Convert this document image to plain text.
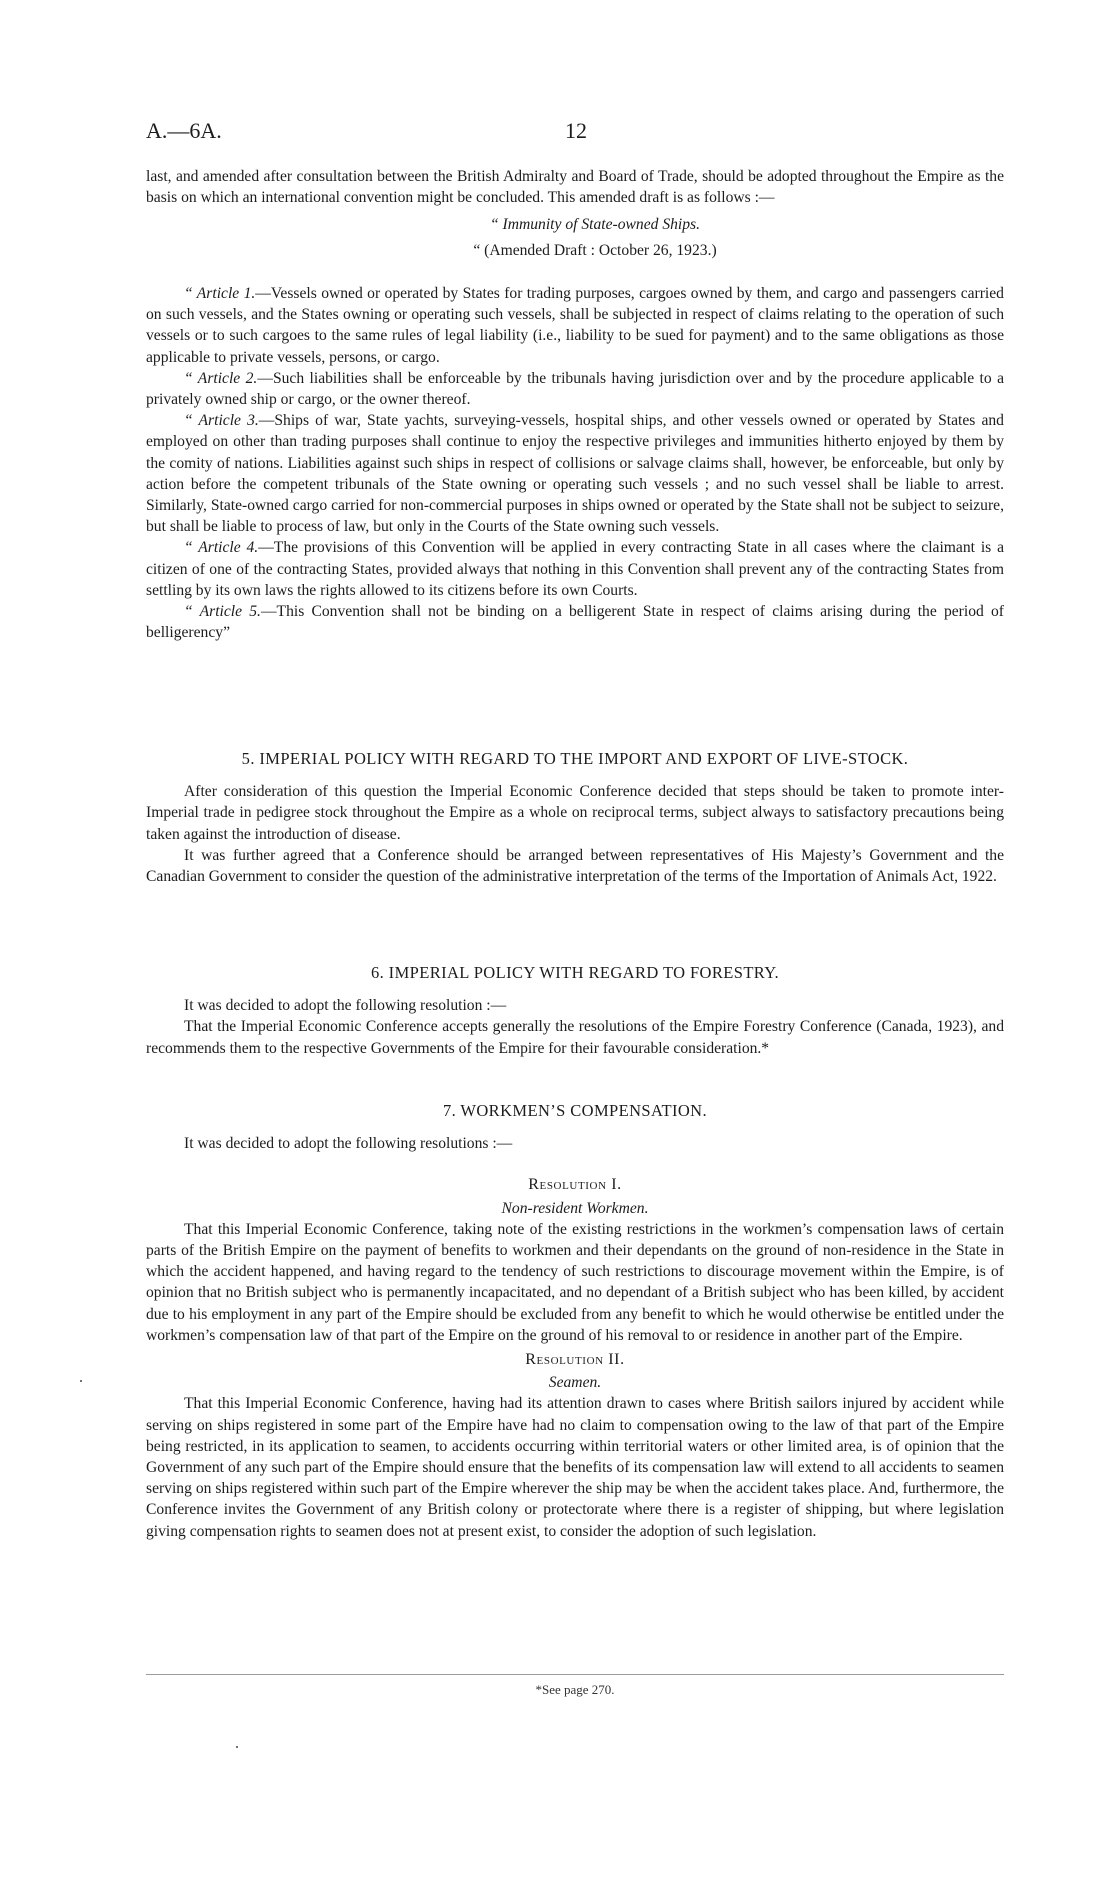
A.—6A.	12

last, and amended after consultation between the British Admiralty and Board of Trade, should be adopted throughout the Empire as the basis on which an international convention might be concluded. This amended draft is as follows :—

“ Immunity of State-owned Ships.

“ (Amended Draft : October 26, 1923.)

“ Article 1.—Vessels owned or operated by States for trading purposes, cargoes owned by them, and cargo and passengers carried on such vessels, and the States owning or operating such vessels, shall be subjected in respect of claims relating to the operation of such vessels or to such cargoes to the same rules of legal liability (i.e., liability to be sued for payment) and to the same obligations as those applicable to private vessels, persons, or cargo.

“ Article 2.—Such liabilities shall be enforceable by the tribunals having jurisdiction over and by the procedure applicable to a privately owned ship or cargo, or the owner thereof.

“ Article 3.—Ships of war, State yachts, surveying-vessels, hospital ships, and other vessels owned or operated by States and employed on other than trading purposes shall continue to enjoy the respective privileges and immunities hitherto enjoyed by them by the comity of nations. Liabilities against such ships in respect of collisions or salvage claims shall, however, be enforceable, but only by action before the competent tribunals of the State owning or operating such vessels ; and no such vessel shall be liable to arrest. Similarly, State-owned cargo carried for non-commercial purposes in ships owned or operated by the State shall not be subject to seizure, but shall be liable to process of law, but only in the Courts of the State owning such vessels.

“ Article 4.—The provisions of this Convention will be applied in every contracting State in all cases where the claimant is a citizen of one of the contracting States, provided always that nothing in this Convention shall prevent any of the contracting States from settling by its own laws the rights allowed to its citizens before its own Courts.

“ Article 5.—This Convention shall not be binding on a belligerent State in respect of claims arising during the period of belligerency”

5. IMPERIAL POLICY WITH REGARD TO THE IMPORT AND EXPORT OF LIVE-STOCK.

After consideration of this question the Imperial Economic Conference decided that steps should be taken to promote inter-Imperial trade in pedigree stock throughout the Empire as a whole on reciprocal terms, subject always to satisfactory precautions being taken against the introduction of disease.

It was further agreed that a Conference should be arranged between representatives of His Majesty’s Government and the Canadian Government to consider the question of the administrative interpretation of the terms of the Importation of Animals Act, 1922.

6. IMPERIAL POLICY WITH REGARD TO FORESTRY.

It was decided to adopt the following resolution :—

That the Imperial Economic Conference accepts generally the resolutions of the Empire Forestry Conference (Canada, 1923), and recommends them to the respective Governments of the Empire for their favourable consideration.*

7. WORKMEN’S COMPENSATION.

It was decided to adopt the following resolutions :—

Resolution I.

Non-resident Workmen.

That this Imperial Economic Conference, taking note of the existing restrictions in the workmen’s compensation laws of certain parts of the British Empire on the payment of benefits to workmen and their dependants on the ground of non-residence in the State in which the accident happened, and having regard to the tendency of such restrictions to discourage movement within the Empire, is of opinion that no British subject who is permanently incapacitated, and no dependant of a British subject who has been killed, by accident due to his employment in any part of the Empire should be excluded from any benefit to which he would otherwise be entitled under the workmen’s compensation law of that part of the Empire on the ground of his removal to or residence in another part of the Empire.

Resolution II.

Seamen.

That this Imperial Economic Conference, having had its attention drawn to cases where British sailors injured by accident while serving on ships registered in some part of the Empire have had no claim to compensation owing to the law of that part of the Empire being restricted, in its application to seamen, to accidents occurring within territorial waters or other limited area, is of opinion that the Government of any such part of the Empire should ensure that the benefits of its compensation law will extend to all accidents to seamen serving on ships registered within such part of the Empire wherever the ship may be when the accident takes place. And, furthermore, the Conference invites the Government of any British colony or protectorate where there is a register of shipping, but where legislation giving compensation rights to seamen does not at present exist, to consider the adoption of such legislation.

*See page 270.
